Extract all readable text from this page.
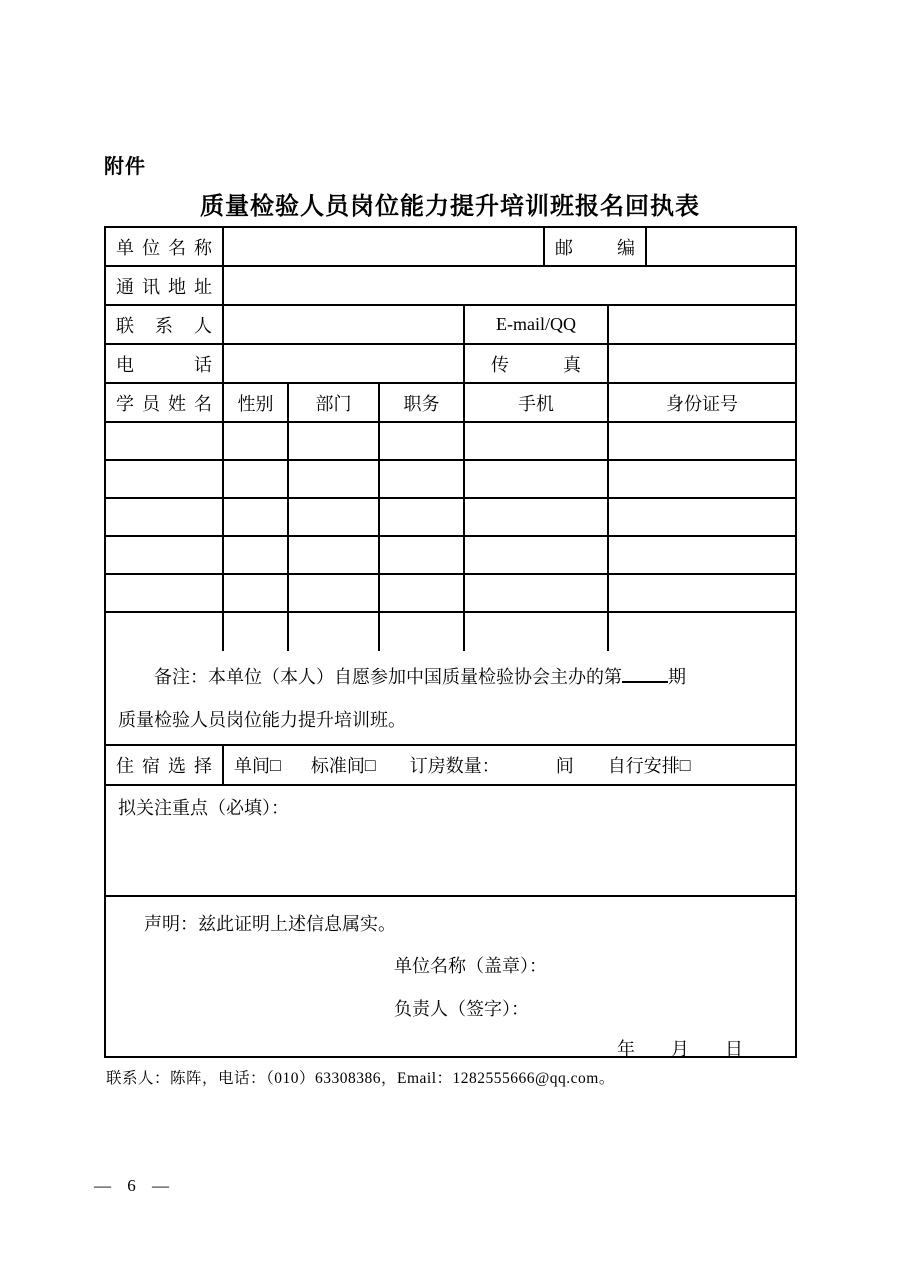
附件
质量检验人员岗位能力提升培训班报名回执表
单位名称	邮编
通讯地址
联系人	E-mail/QQ
电话	传真
学员姓名 性别	部门	职务	手机	身份证号

备注：本单位（本人）自愿参加中国质量检验协会主办的第	期

质量检验人员岗位能力提升培训班。

住宿选择 单间 □ 标准间 □ 订房数量：	间 自行安排 □
拟关注重点（必填）：

声明：兹此证明上述信息属实。

单位名称（盖章）：

负责人（签字）：

年 月 日

联系人：陈阵，电话：（010）63308386，Email：1282555666@qq.com。
— 6 —
